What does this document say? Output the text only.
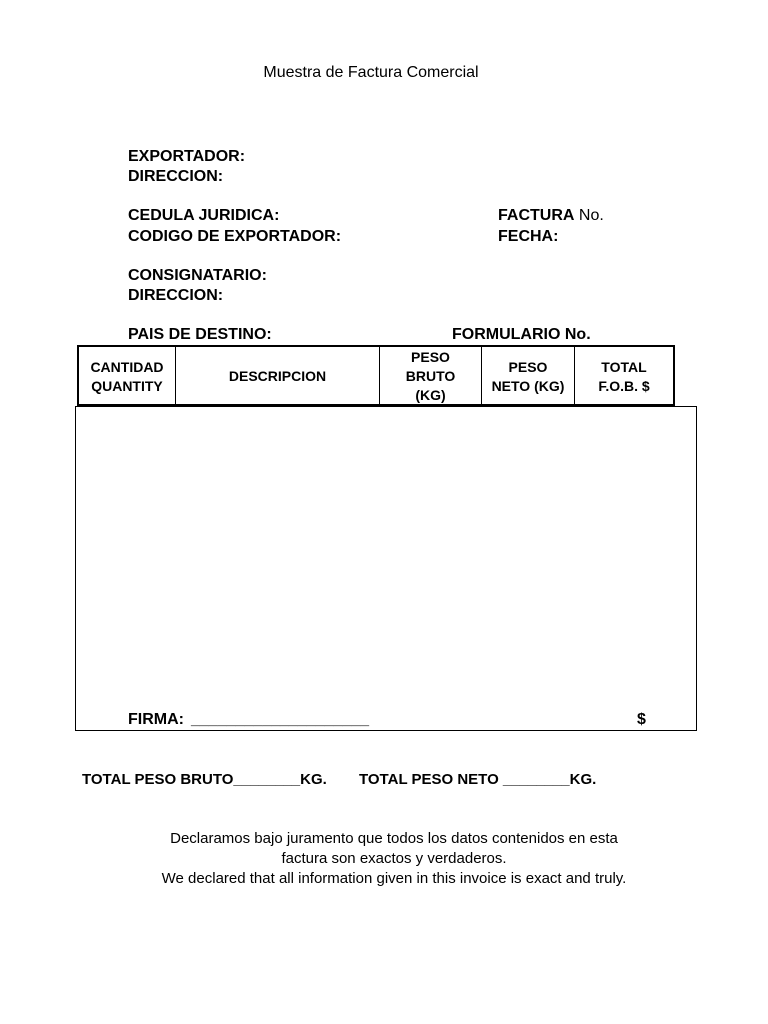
Muestra de Factura Comercial
EXPORTADOR:
DIRECCION:
CEDULA JURIDICA:
CODIGO DE EXPORTADOR:
FACTURA No.
FECHA:
CONSIGNATARIO:
DIRECCION:
PAIS DE DESTINO:	FORMULARIO No.
CANTIDAD
QUANTITY
DESCRIPCION
PESO
BRUTO
(KG)
PESO
NETO (KG)
TOTAL
F.O.B. $
FIRMA: ____________________	$
TOTAL PESO BRUTO________KG. TOTAL PESO NETO ________KG.
Declaramos bajo juramento que todos los datos contenidos en esta
factura son exactos y verdaderos.
We declared that all information given in this invoice is exact and truly.
